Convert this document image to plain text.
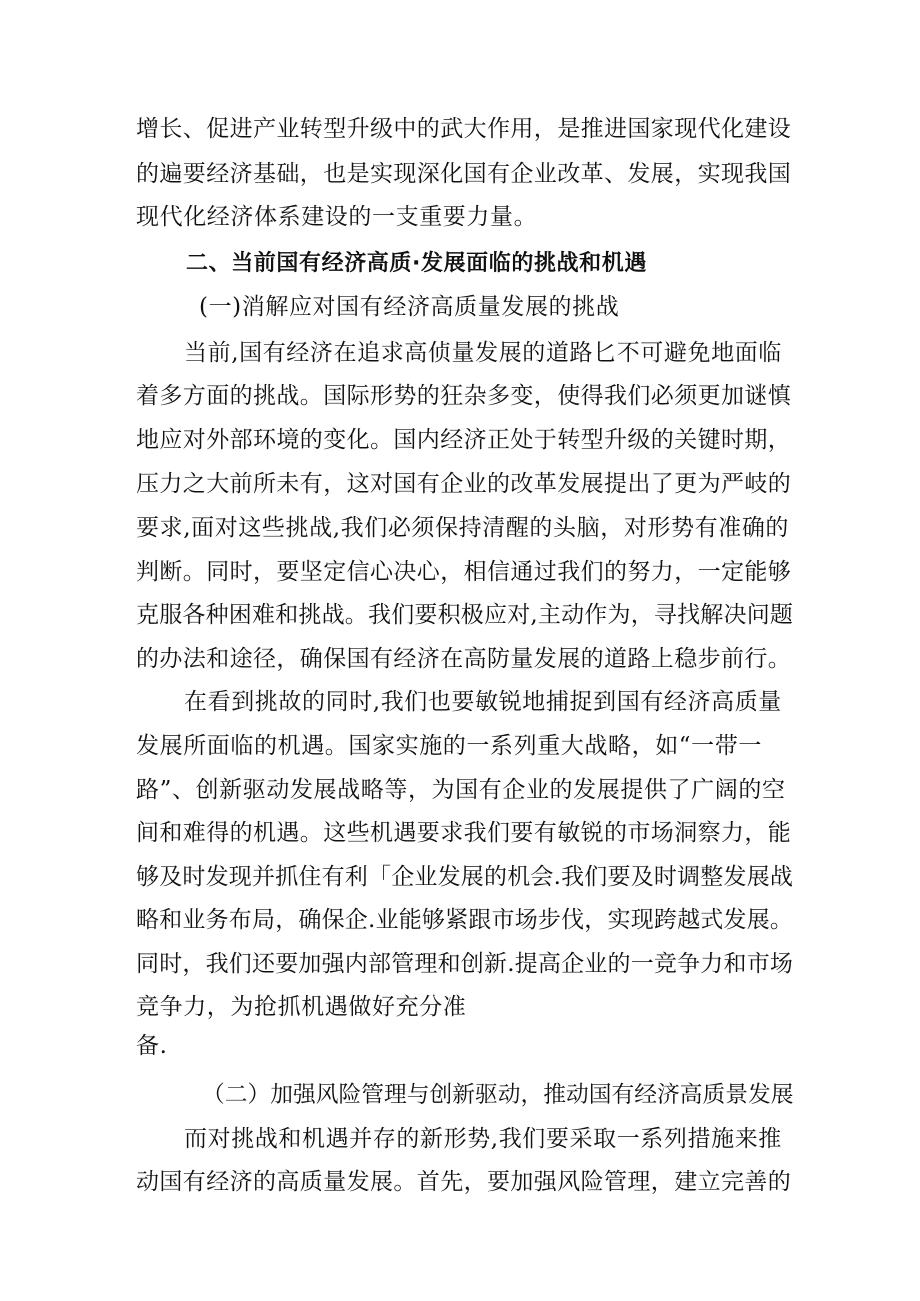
增长、促进产业转型升级中的武大作用，是推进国家现代化建设
的遍要经济基础，也是实现深化国有企业改革、发展，实现我国
现代化经济体系建设的一支重要力量。
二、当前国有经济高质·发展面临的挑战和机遇
(一)消解应对国有经济高质量发展的挑战
当前,国有经济在追求高侦量发展的道路匕不可避免地面临
着多方面的挑战。国际形势的狂杂多变，使得我们必须更加谜慎
地应对外部环境的变化。国内经济正处于转型升级的关键时期，
压力之大前所未有，这对国有企业的改革发展提出了更为严岐的
要求,面对这些挑战,我们必须保持清醒的头脑，对形势有准确的
判断。同时，要坚定信心决心，相信通过我们的努力，一定能够
克服各种困难和挑战。我们要积极应对,主动作为，寻找解决问题
的办法和途径，确保国有经济在高防量发展的道路上稳步前行。
在看到挑故的同时,我们也要敏锐地捕捉到国有经济高质量
发展所面临的机遇。国家实施的一系列重大战略，如“一带一
路”、创新驱动发展战略等，为国有企业的发展提供了广阔的空
间和难得的机遇。这些机遇要求我们要有敏锐的市场洞察力，能
够及时发现并抓住有利「企业发展的机会.我们要及时调整发展战
略和业务布局，确保企.业能够紧跟市场步伐，实现跨越式发展。
同时，我们还要加强内部管理和创新.提高企业的一竞争力和市场
竞争力，为抢抓机遇做好充分准
备.
（二）加强风险管理与创新驱动，推动国有经济高质景发展
而对挑战和机遇并存的新形势,我们要采取一系列措施来推
动国有经济的高质量发展。首先，要加强风险管理，建立完善的
